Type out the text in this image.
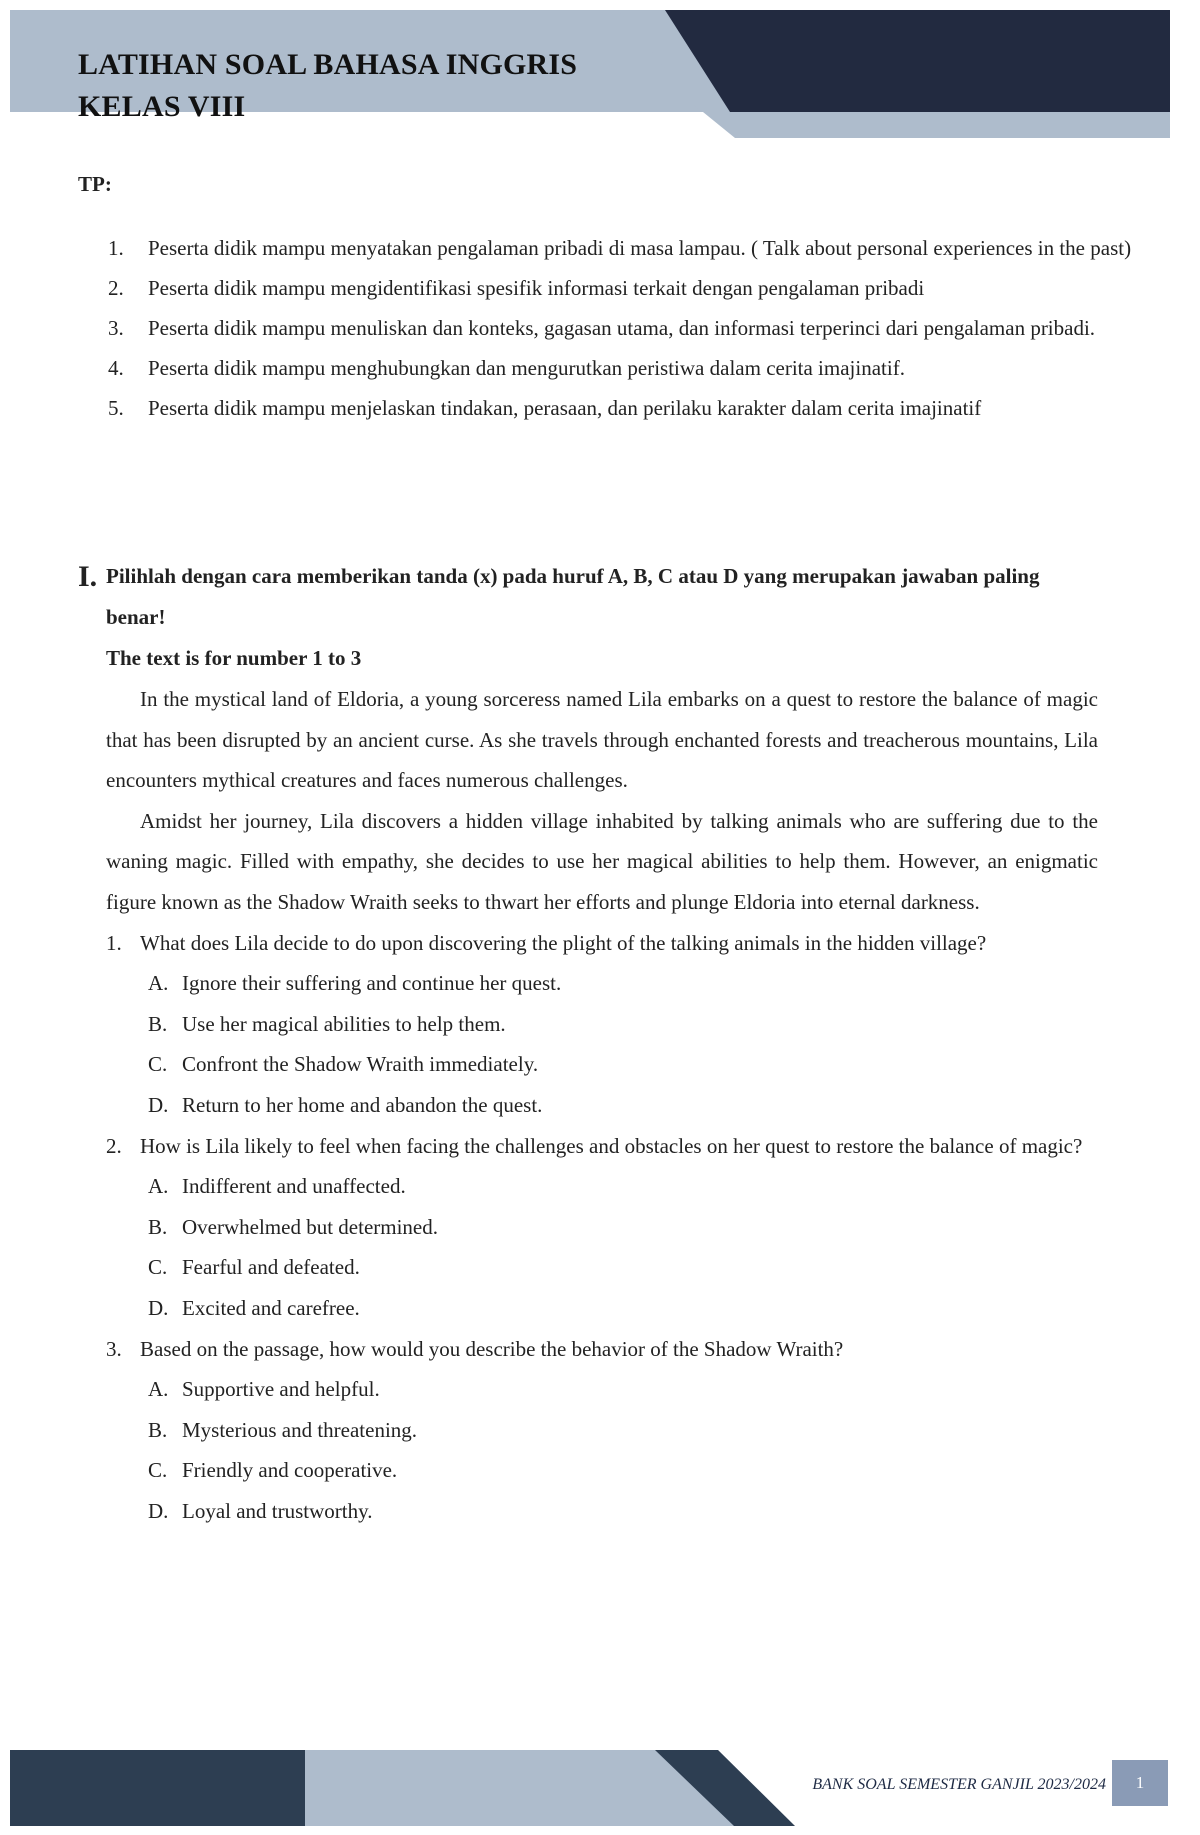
LATIHAN SOAL BAHASA INGGRIS
KELAS VIII
TP:
1.	Peserta didik mampu menyatakan pengalaman pribadi di masa lampau. ( Talk about personal experiences in the past)
2.	Peserta didik mampu mengidentifikasi spesifik informasi terkait dengan pengalaman pribadi
3.	Peserta didik mampu menuliskan dan konteks, gagasan utama, dan informasi terperinci dari pengalaman pribadi.
4.	Peserta didik mampu menghubungkan dan mengurutkan peristiwa dalam cerita imajinatif.
5.	Peserta didik mampu menjelaskan tindakan, perasaan, dan perilaku karakter dalam cerita imajinatif
I. Pilihlah dengan cara memberikan tanda (x) pada huruf A, B, C atau D yang merupakan jawaban paling benar!
The text is for number 1 to 3

In the mystical land of Eldoria, a young sorceress named Lila embarks on a quest to restore the balance of magic that has been disrupted by an ancient curse. As she travels through enchanted forests and treacherous mountains, Lila encounters mythical creatures and faces numerous challenges.

Amidst her journey, Lila discovers a hidden village inhabited by talking animals who are suffering due to the waning magic. Filled with empathy, she decides to use her magical abilities to help them. However, an enigmatic figure known as the Shadow Wraith seeks to thwart her efforts and plunge Eldoria into eternal darkness.

1. What does Lila decide to do upon discovering the plight of the talking animals in the hidden village?
A. Ignore their suffering and continue her quest.
B. Use her magical abilities to help them.
C. Confront the Shadow Wraith immediately.
D. Return to her home and abandon the quest.
2. How is Lila likely to feel when facing the challenges and obstacles on her quest to restore the balance of magic?
A. Indifferent and unaffected.
B. Overwhelmed but determined.
C. Fearful and defeated.
D. Excited and carefree.
3. Based on the passage, how would you describe the behavior of the Shadow Wraith?
A. Supportive and helpful.
B. Mysterious and threatening.
C. Friendly and cooperative.
D. Loyal and trustworthy.
BANK SOAL SEMESTER GANJIL 2023/2024	1
